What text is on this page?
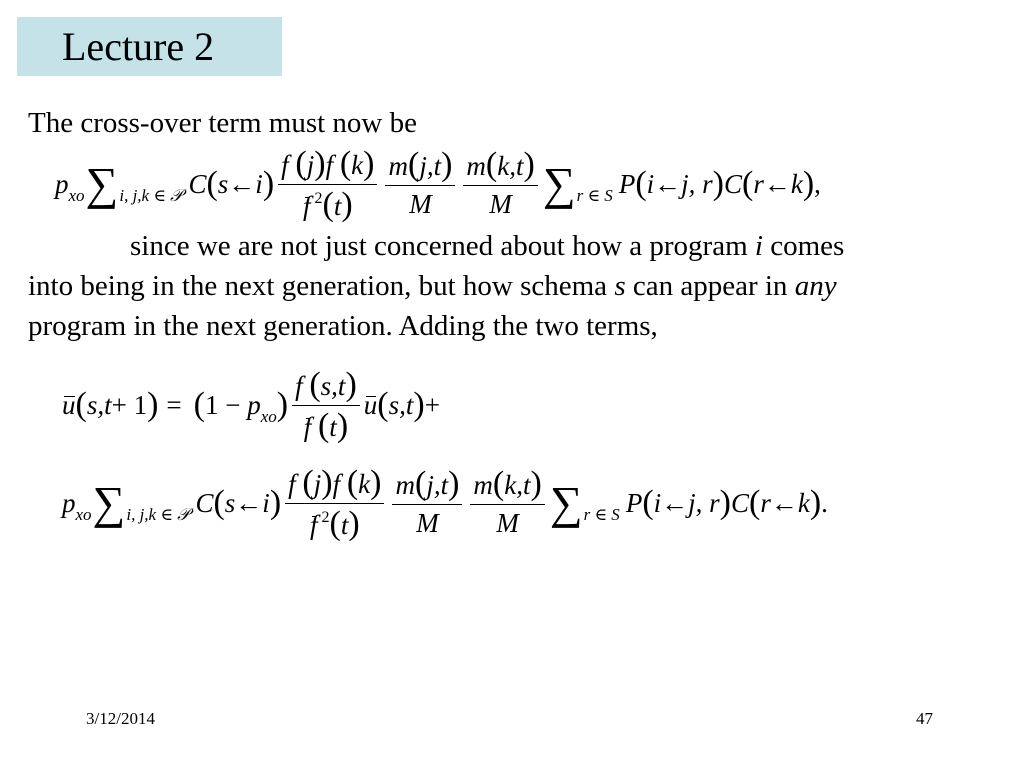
Lecture 2
The cross-over term must now be
p xo ∑ i, j,k ∈ 𝒫 C ( s ← i ) $\frac{f (j)f (k)}{f ^2(t)} \frac{m(j,t)}{M} \frac{m(k,t)}{M}$ ∑ r ∈ S P ( i ← j, r ) C ( r ← k ) ,
since we are not just concerned about how a program i comes
into being in the next generation, but how schema s can appear in any
program in the next generation. Adding the two terms,
u ( s,t + 1 ) = ( 1 − p xo ) $\frac{f (s,t)}{f (t)}$ u ( s,t ) +
p xo ∑ i, j,k ∈ 𝒫 C ( s ← i ) $\frac{f (j)f (k)}{f ^2(t)} \frac{m(j,t)}{M} \frac{m(k,t)}{M}$ ∑ r ∈ S P ( i ← j, r ) C ( r ← k ) .
3/12/2014	47
